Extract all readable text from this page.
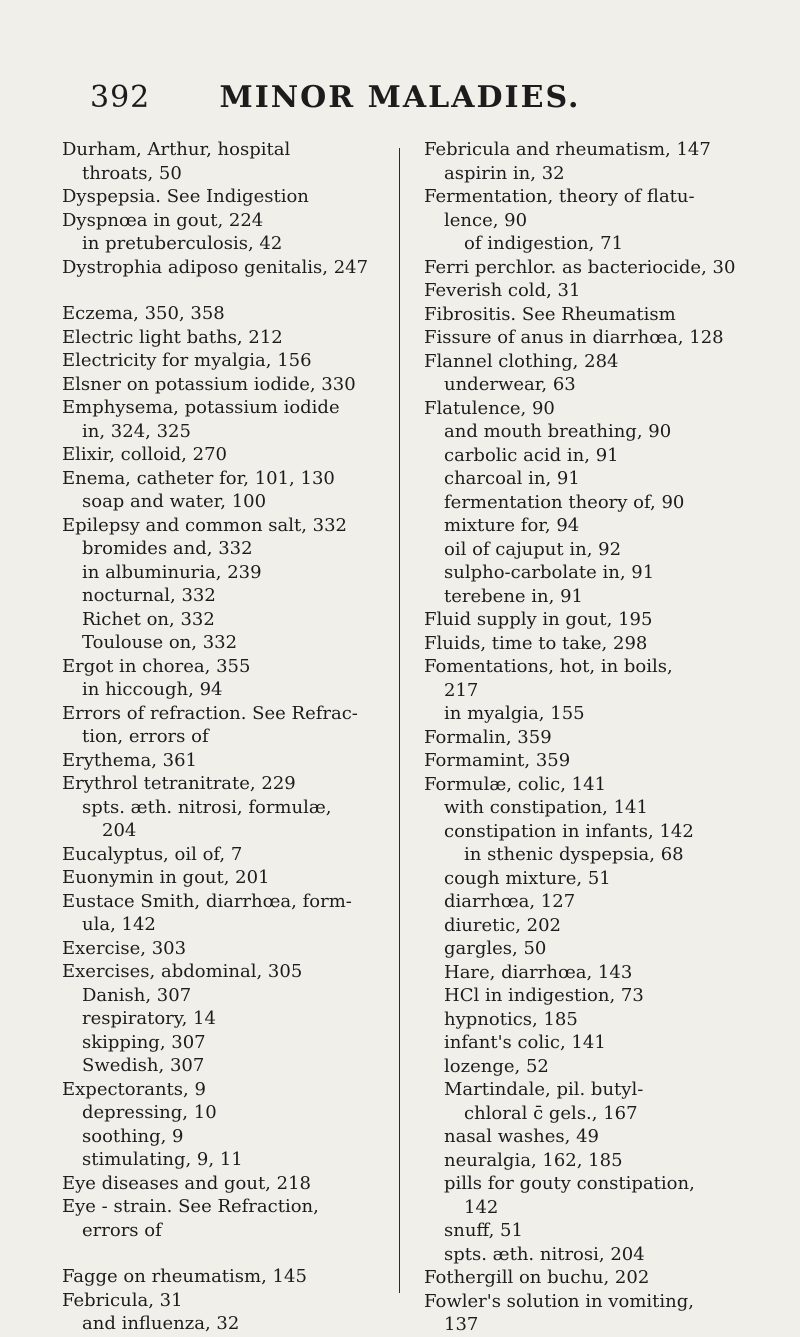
392	MINOR MALADIES.
Durham, Arthur, hospital
throats, 50
Dyspepsia. See Indigestion
Dyspnœa in gout, 224
in pretuberculosis, 42
Dystrophia adiposo genitalis, 247
Eczema, 350, 358
Electric light baths, 212
Electricity for myalgia, 156
Elsner on potassium iodide, 330
Emphysema, potassium iodide
in, 324, 325
Elixir, colloid, 270
Enema, catheter for, 101, 130
soap and water, 100
Epilepsy and common salt, 332
bromides and, 332
in albuminuria, 239
nocturnal, 332
Richet on, 332
Toulouse on, 332
Ergot in chorea, 355
in hiccough, 94
Errors of refraction. See Refrac-
tion, errors of
Erythema, 361
Erythrol tetranitrate, 229
spts. æth. nitrosi, formulæ,
204
Eucalyptus, oil of, 7
Euonymin in gout, 201
Eustace Smith, diarrhœa, form-
ula, 142
Exercise, 303
Exercises, abdominal, 305
Danish, 307
respiratory, 14
skipping, 307
Swedish, 307
Expectorants, 9
depressing, 10
soothing, 9
stimulating, 9, 11
Eye diseases and gout, 218
Eye - strain. See Refraction,
errors of
Fagge on rheumatism, 145
Febricula, 31
and influenza, 32
Febricula and rheumatism, 147
aspirin in, 32
Fermentation, theory of flatu-
lence, 90
of indigestion, 71
Ferri perchlor. as bacteriocide, 30
Feverish cold, 31
Fibrositis. See Rheumatism
Fissure of anus in diarrhœa, 128
Flannel clothing, 284
underwear, 63
Flatulence, 90
and mouth breathing, 90
carbolic acid in, 91
charcoal in, 91
fermentation theory of, 90
mixture for, 94
oil of cajuput in, 92
sulpho-carbolate in, 91
terebene in, 91
Fluid supply in gout, 195
Fluids, time to take, 298
Fomentations, hot, in boils,
217
in myalgia, 155
Formalin, 359
Formamint, 359
Formulæ, colic, 141
with constipation, 141
constipation in infants, 142
in sthenic dyspepsia, 68
cough mixture, 51
diarrhœa, 127
diuretic, 202
gargles, 50
Hare, diarrhœa, 143
HCl in indigestion, 73
hypnotics, 185
infant's colic, 141
lozenge, 52
Martindale, pil. butyl-
chloral c̄ gels., 167
nasal washes, 49
neuralgia, 162, 185
pills for gouty constipation,
142
snuff, 51
spts. æth. nitrosi, 204
Fothergill on buchu, 202
Fowler's solution in vomiting,
137
